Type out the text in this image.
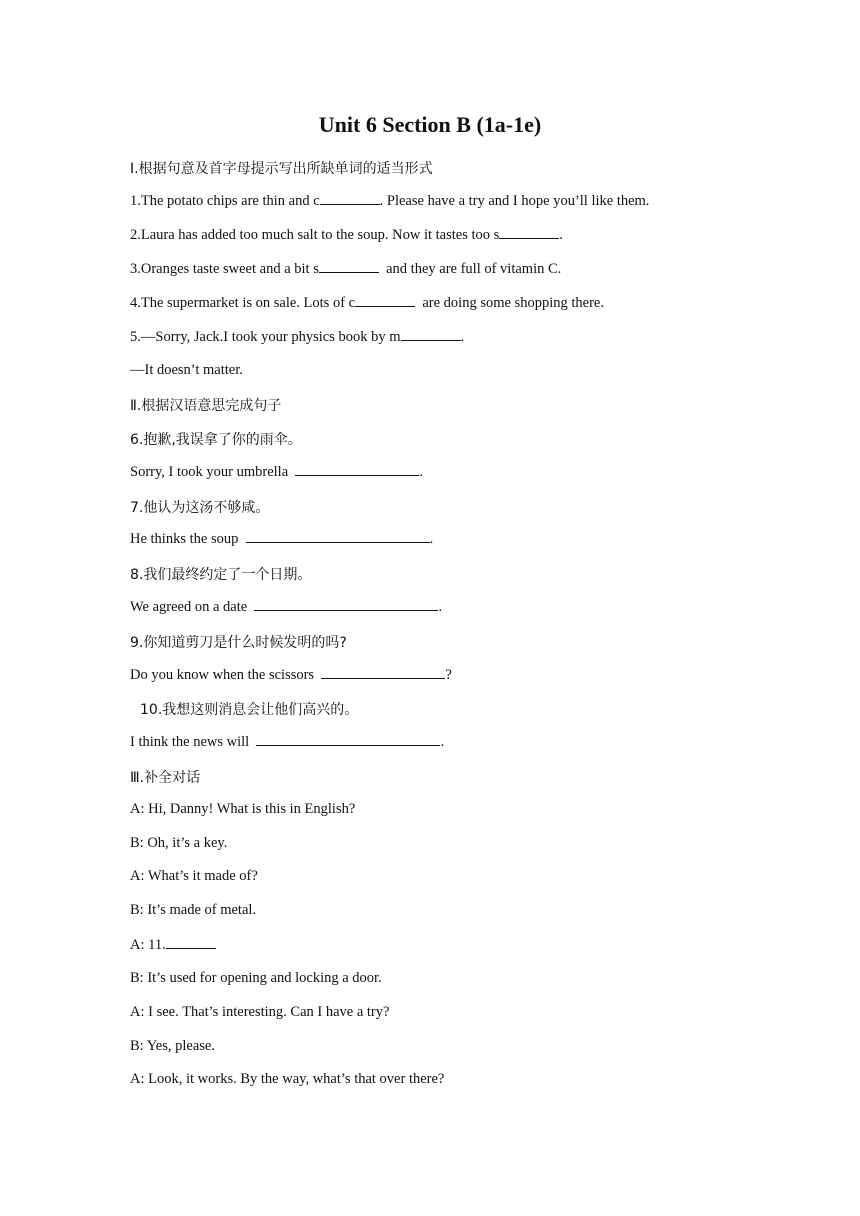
Unit 6 Section B (1a-1e)
Ⅰ.根据句意及首字母提示写出所缺单词的适当形式
1.The potato chips are thin and c	. Please have a try and I hope you’ll like them.
2.Laura has added too much salt to the soup. Now it tastes too s	.
3.Oranges taste sweet and a bit s	and they are full of vitamin C.
4.The supermarket is on sale. Lots of c	are doing some shopping there.
5.—Sorry, Jack.I took your physics book by m	.
—It doesn’t matter.
Ⅱ.根据汉语意思完成句子
6.抱歉,我误拿了你的雨伞。
Sorry, I took your umbrella	.
7.他认为这汤不够咸。
He thinks the soup	.
8.我们最终约定了一个日期。
We agreed on a date	.
9.你知道剪刀是什么时候发明的吗?
Do you know when the scissors	?
10.我想这则消息会让他们高兴的。
I think the news will	.
Ⅲ.补全对话
A: Hi, Danny! What is this in English?
B: Oh, it’s a key.
A: What’s it made of?
B: It’s made of metal.
A: 11.
B: It’s used for opening and locking a door.
A: I see. That’s interesting. Can I have a try?
B: Yes, please.
A: Look, it works. By the way, what’s that over there?
